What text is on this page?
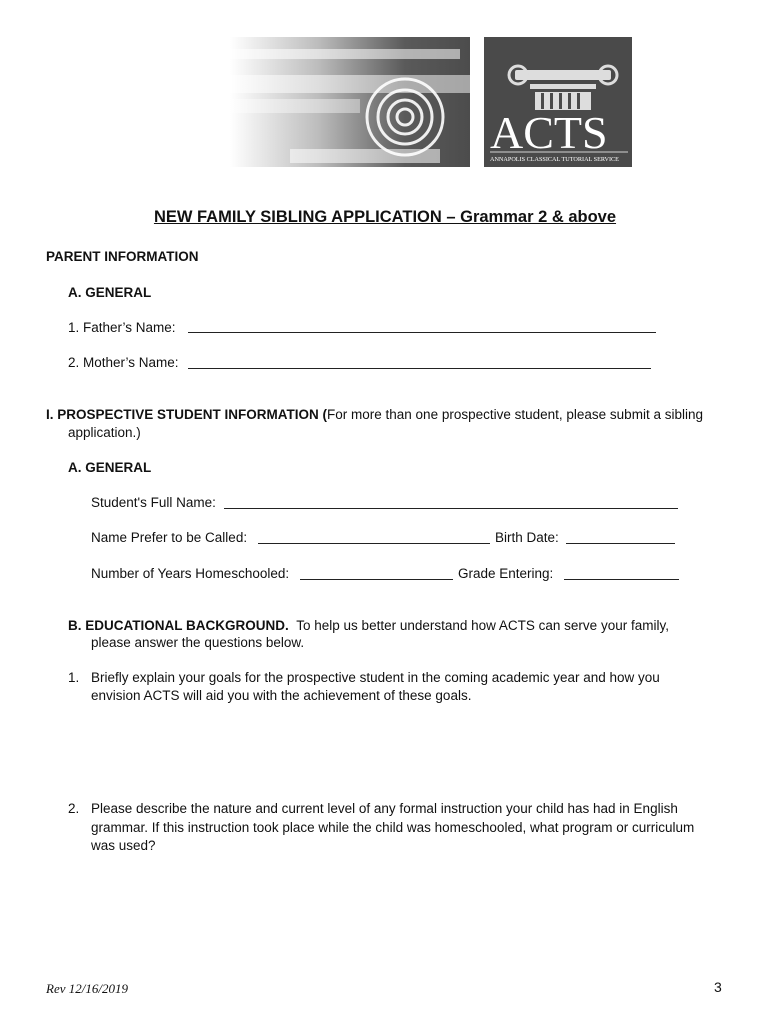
ACTS
ANNAPOLIS CLASSICAL TUTORIAL SERVICE
NEW FAMILY SIBLING APPLICATION – Grammar 2 & above
PARENT INFORMATION
A. GENERAL
1. Father’s Name:
2. Mother’s Name:
I. PROSPECTIVE STUDENT INFORMATION (For more than one prospective student, please submit a sibling
application.)
A. GENERAL
Student's Full Name:
Name Prefer to be Called:	Birth Date:
Number of Years Homeschooled:	Grade Entering:
B. EDUCATIONAL BACKGROUND. To help us better understand how ACTS can serve your family,
please answer the questions below.
1. Briefly explain your goals for the prospective student in the coming academic year and how you
envision ACTS will aid you with the achievement of these goals.
2. Please describe the nature and current level of any formal instruction your child has had in English
grammar. If this instruction took place while the child was homeschooled, what program or curriculum
was used?
Rev 12/16/2019	3
